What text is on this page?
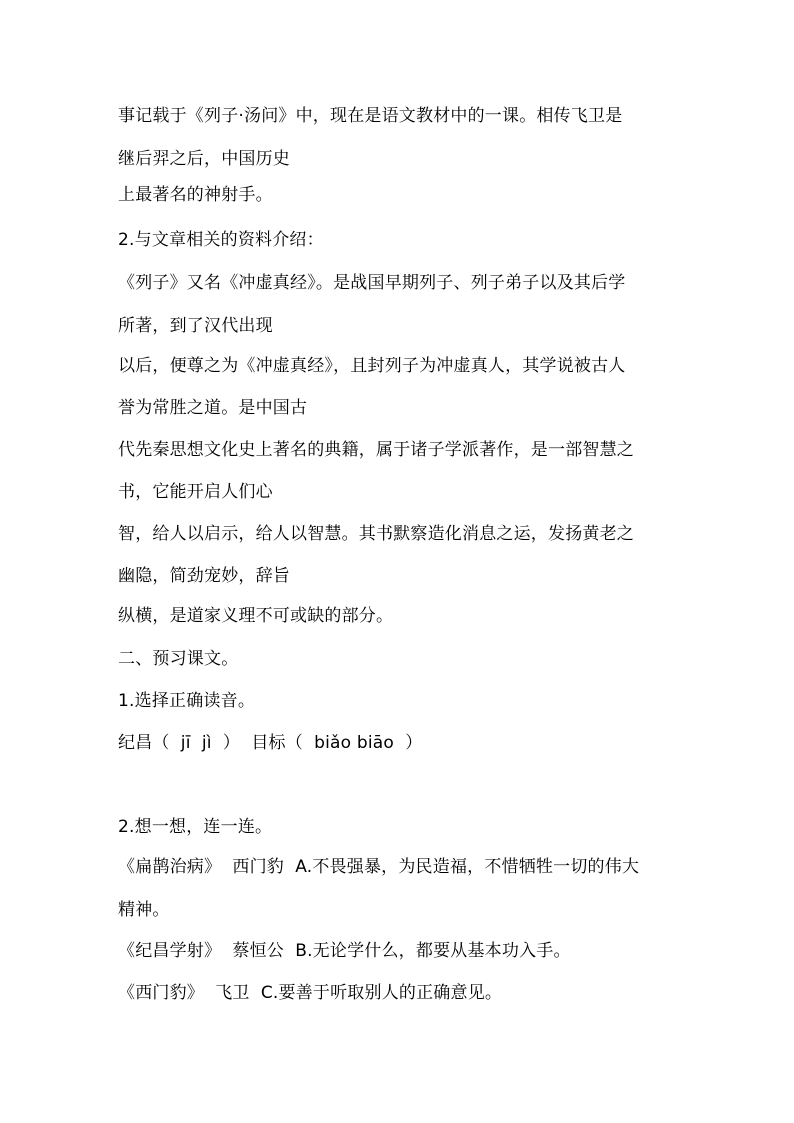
事记载于《列子·汤问》中，现在是语文教材中的一课。相传飞卫是
继后羿之后，中国历史
上最著名的神射手。
2.与文章相关的资料介绍：
《列子》又名《冲虚真经》。是战国早期列子、列子弟子以及其后学
所著，到了汉代出现
以后，便尊之为《冲虚真经》，且封列子为冲虚真人，其学说被古人
誉为常胜之道。是中国古
代先秦思想文化史上著名的典籍，属于诸子学派著作，是一部智慧之
书，它能开启人们心
智，给人以启示，给人以智慧。其书默察造化消息之运，发扬黄老之
幽隐，简劲宠妙，辞旨
纵横，是道家义理不可或缺的部分。
二、预习课文。
1.选择正确读音。
纪昌（  jī  jì  ）  目标（  biǎo biāo  ）
2.想一想，连一连。
《扁鹊治病》  西门豹  A.不畏强暴，为民造福，不惜牺牲一切的伟大
精神。
《纪昌学射》  蔡恒公  B.无论学什么，都要从基本功入手。
《西门豹》  飞卫  C.要善于听取别人的正确意见。
